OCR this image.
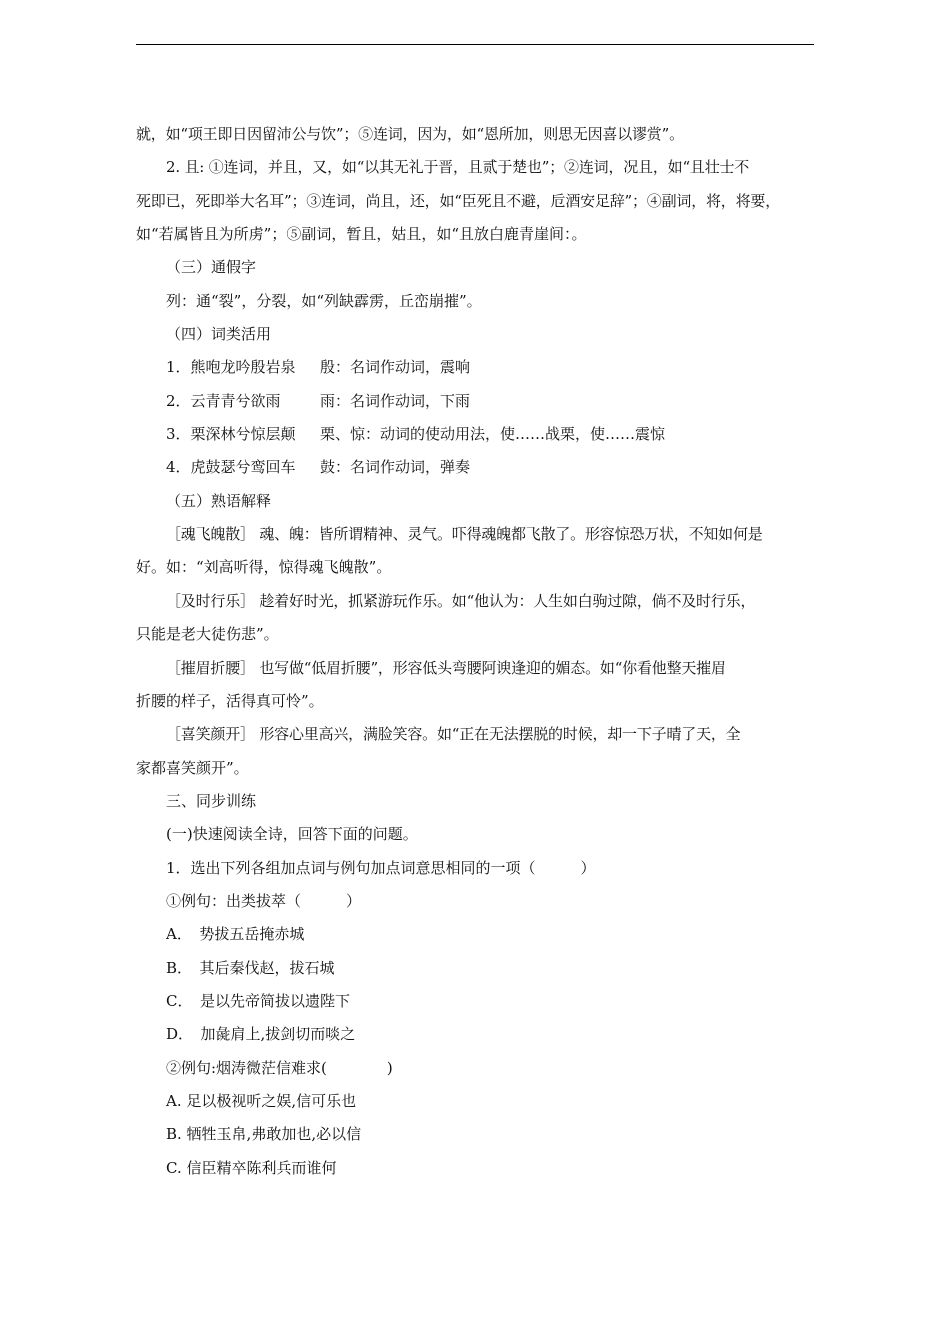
就，如“项王即日因留沛公与饮”；⑤连词，因为，如“恩所加，则思无因喜以谬赏”。
2. 且: ①连词，并且，又，如“以其无礼于晋，且贰于楚也”；②连词，况且，如“且壮士不
死即已，死即举大名耳”；③连词，尚且，还，如“臣死且不避，卮酒安足辞”；④副词，将，将要，
如“若属皆且为所虏”；⑤副词，暂且，姑且，如“且放白鹿青崖间：。
（三）通假字
列：通“裂”，分裂，如“列缺霹雳，丘峦崩摧”。
（四）词类活用
1．熊咆龙吟殷岩泉 殷：名词作动词，震响
2．云青青兮欲雨	雨：名词作动词，下雨
3．栗深林兮惊层颠 栗、惊：动词的使动用法，使……战栗，使……震惊
4．虎鼓瑟兮鸾回车 鼓：名词作动词，弹奏
（五）熟语解释
［魂飞魄散］ 魂、魄：皆所谓精神、灵气。吓得魂魄都飞散了。形容惊恐万状，不知如何是
好。如：“刘高听得，惊得魂飞魄散”。
［及时行乐］ 趁着好时光，抓紧游玩作乐。如“他认为：人生如白驹过隙，倘不及时行乐，
只能是老大徒伤悲”。
［摧眉折腰］ 也写做“低眉折腰”，形容低头弯腰阿谀逢迎的媚态。如“你看他整天摧眉
折腰的样子，活得真可怜”。
［喜笑颜开］ 形容心里高兴，满脸笑容。如“正在无法摆脱的时候，却一下子晴了天，全
家都喜笑颜开”。
三、同步训练
(一)快速阅读全诗，回答下面的问题。
1．选出下列各组加点词与例句加点词意思相同的一项（　　　）
①例句：出类拔萃（　　　）
A．　势拔五岳掩赤城
B．　其后秦伐赵，拔石城
C．　是以先帝简拔以遗陛下
D．　加彘肩上,拔剑切而啖之
②例句:烟涛微茫信难求(　　　　)
A. 足以极视听之娱,信可乐也
B. 牺牲玉帛,弗敢加也,必以信
C. 信臣精卒陈利兵而谁何
